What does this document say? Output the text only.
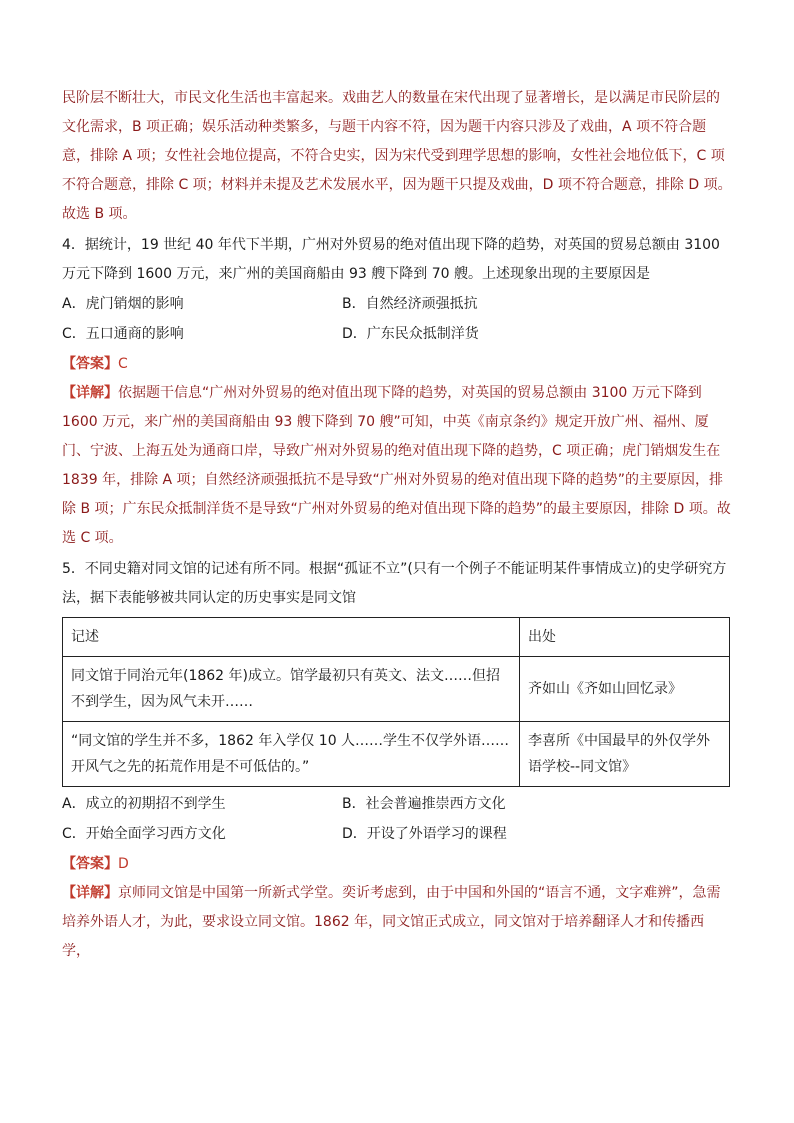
民阶层不断壮大，市民文化生活也丰富起来。戏曲艺人的数量在宋代出现了显著增长，是以满足市民阶层的文化需求，B 项正确；娱乐活动种类繁多，与题干内容不符，因为题干内容只涉及了戏曲，A 项不符合题意，排除 A 项；女性社会地位提高，不符合史实，因为宋代受到理学思想的影响，女性社会地位低下，C 项不符合题意，排除 C 项；材料并未提及艺术发展水平，因为题干只提及戏曲，D 项不符合题意，排除 D 项。故选 B 项。

4．据统计，19 世纪 40 年代下半期，广州对外贸易的绝对值出现下降的趋势，对英国的贸易总额由 3100 万元下降到 1600 万元，来广州的美国商船由 93 艘下降到 70 艘。上述现象出现的主要原因是

A．虎门销烟的影响	B．自然经济顽强抵抗
C．五口通商的影响	D．广东民众抵制洋货
【答案】C

【详解】依据题干信息“广州对外贸易的绝对值出现下降的趋势，对英国的贸易总额由 3100 万元下降到 1600 万元，来广州的美国商船由 93 艘下降到 70 艘”可知，中英《南京条约》规定开放广州、福州、厦门、宁波、上海五处为通商口岸，导致广州对外贸易的绝对值出现下降的趋势，C 项正确；虎门销烟发生在 1839 年，排除 A 项；自然经济顽强抵抗不是导致“广州对外贸易的绝对值出现下降的趋势”的主要原因，排除 B 项；广东民众抵制洋货不是导致“广州对外贸易的绝对值出现下降的趋势”的最主要原因，排除 D 项。故选 C 项。

5．不同史籍对同文馆的记述有所不同。根据“孤证不立”(只有一个例子不能证明某件事情成立)的史学研究方法，据下表能够被共同认定的历史事实是同文馆

记述	出处
同文馆于同治元年(1862 年)成立。馆学最初只有英文、法文……但招不到学生，因为风气未开……	齐如山《齐如山回忆录》
“同文馆的学生并不多，1862 年入学仅 10 人……学生不仅学外语……开风气之先的拓荒作用是不可低估的。”	李喜所《中国最早的外仅学外语学校--同文馆》
A．成立的初期招不到学生	B．社会普遍推崇西方文化
C．开始全面学习西方文化	D．开设了外语学习的课程
【答案】D

【详解】京师同文馆是中国第一所新式学堂。奕䜣考虑到，由于中国和外国的“语言不通，文字难辨”，急需培养外语人才，为此，要求设立同文馆。1862 年，同文馆正式成立，同文馆对于培养翻译人才和传播西学，
